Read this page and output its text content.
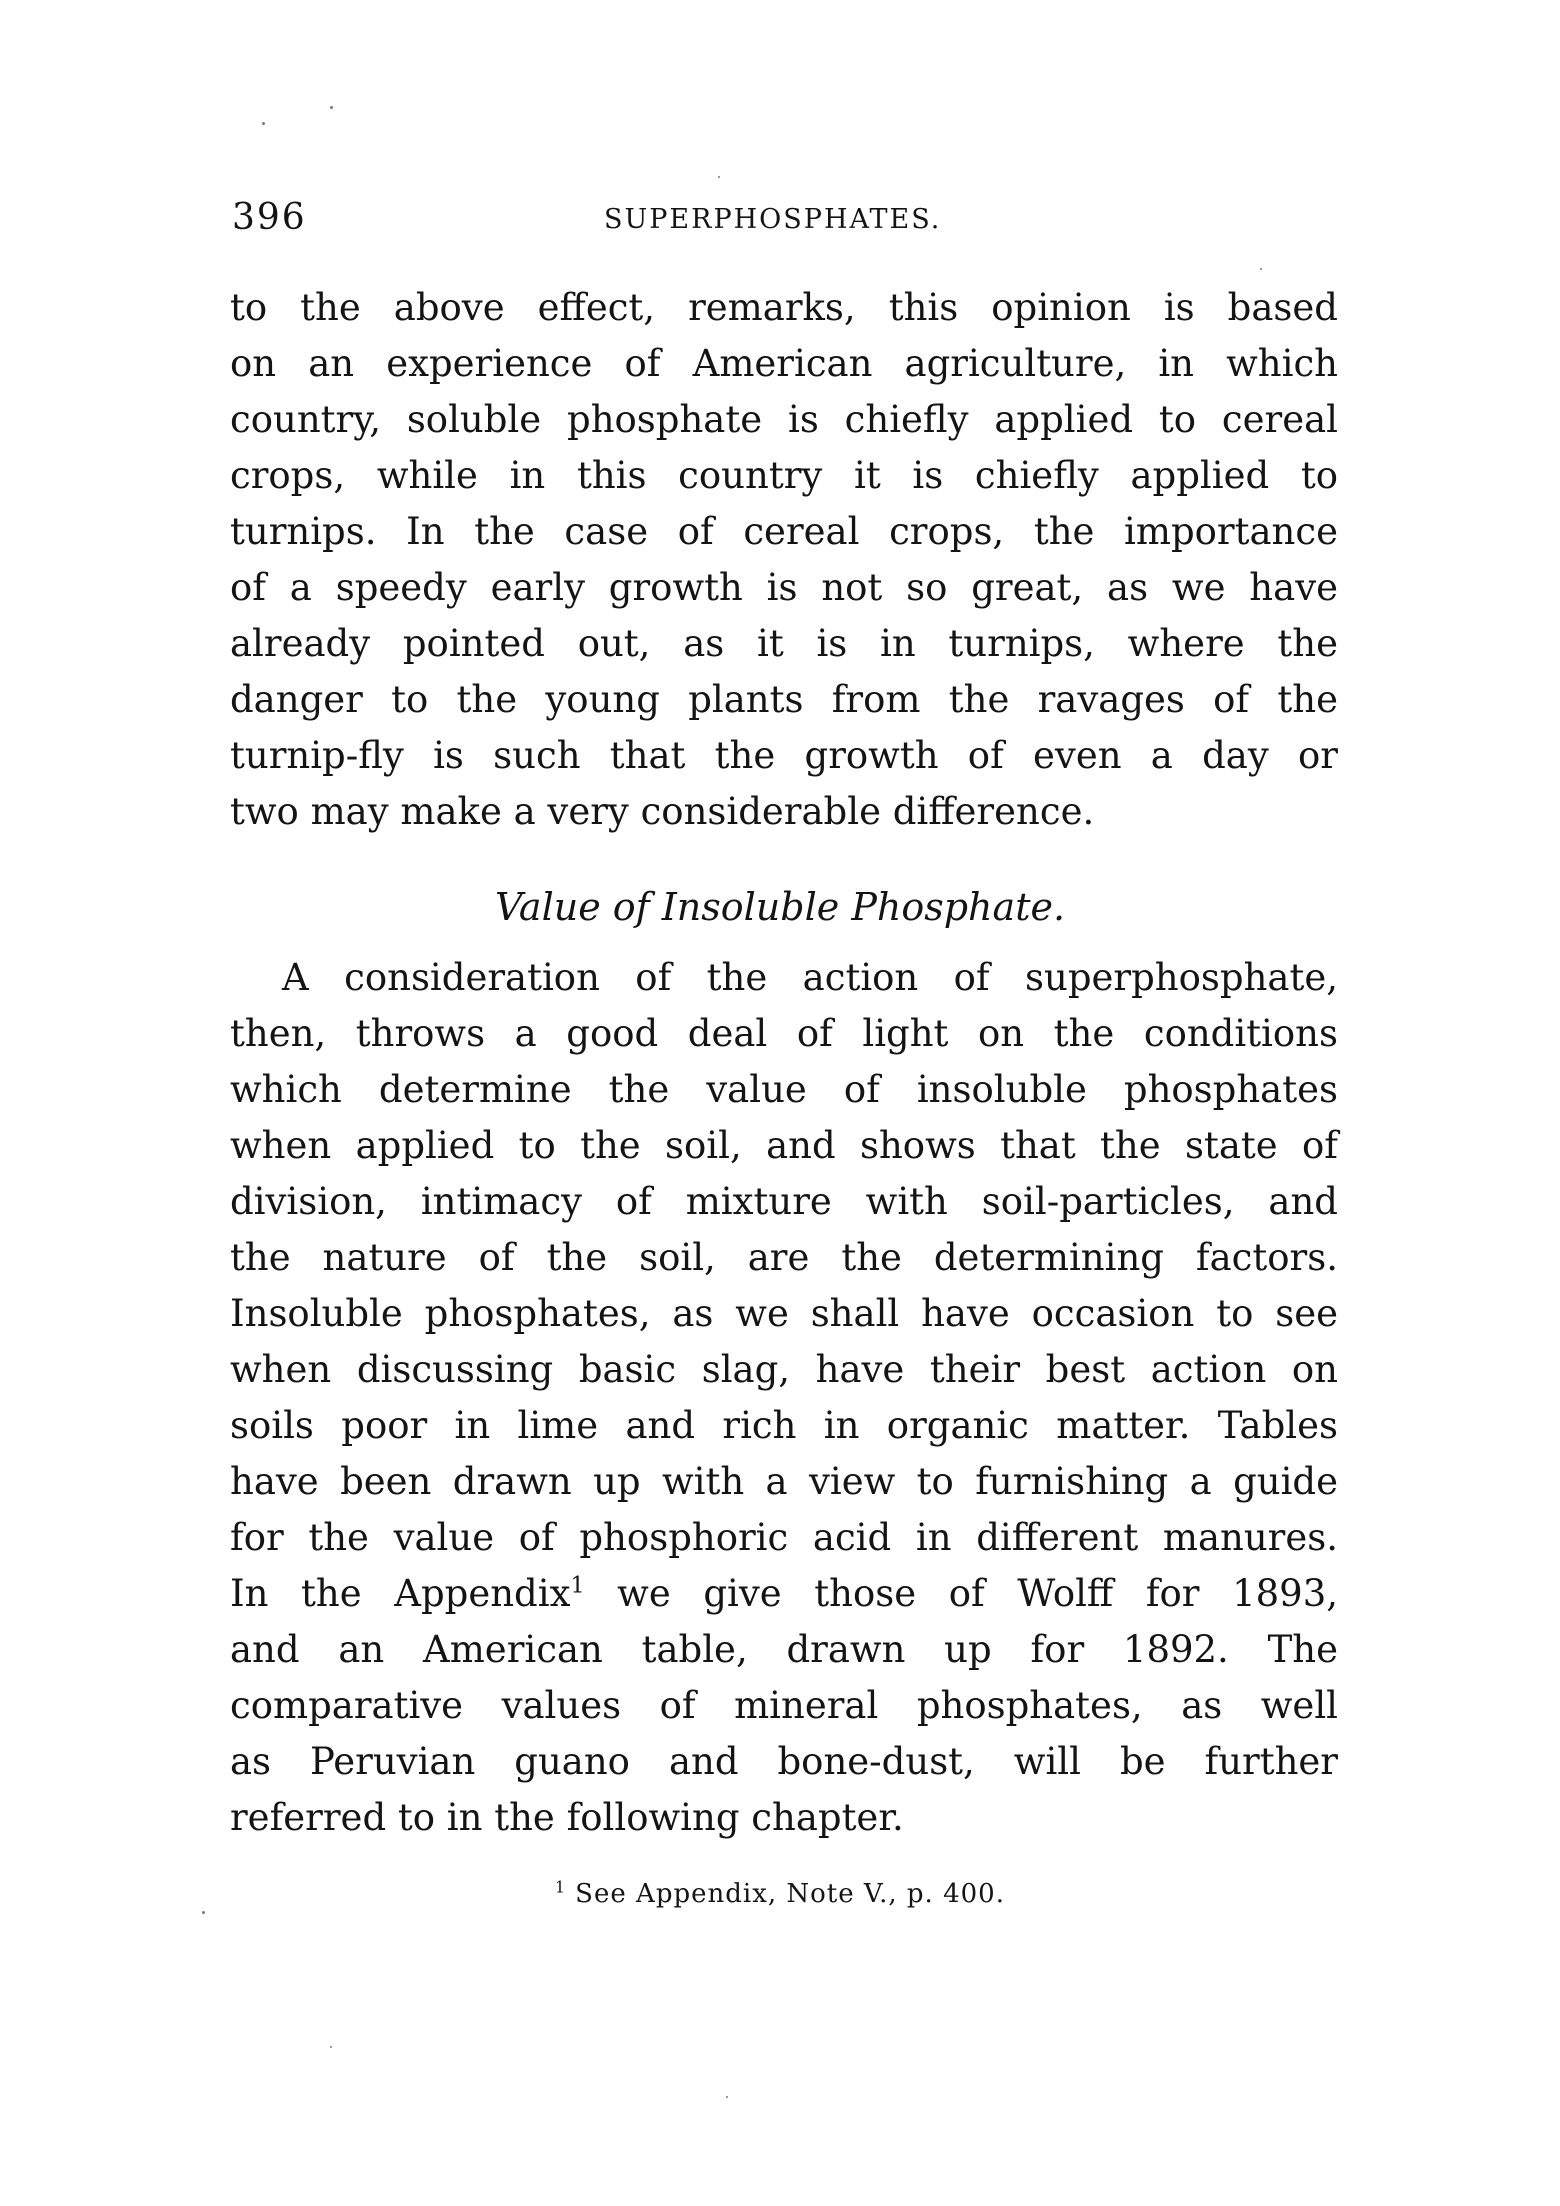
396	SUPERPHOSPHATES.
to the above effect, remarks, this opinion is based
on an experience of American agriculture, in which
country, soluble phosphate is chiefly applied to cereal
crops, while in this country it is chiefly applied to
turnips. In the case of cereal crops, the importance
of a speedy early growth is not so great, as we have
already pointed out, as it is in turnips, where the
danger to the young plants from the ravages of the
turnip-fly is such that the growth of even a day or
two may make a very considerable difference.
Value of Insoluble Phosphate.
A consideration of the action of superphosphate,
then, throws a good deal of light on the conditions
which determine the value of insoluble phosphates
when applied to the soil, and shows that the state of
division, intimacy of mixture with soil-particles, and
the nature of the soil, are the determining factors.
Insoluble phosphates, as we shall have occasion to see
when discussing basic slag, have their best action on
soils poor in lime and rich in organic matter. Tables
have been drawn up with a view to furnishing a guide
for the value of phosphoric acid in different manures.
In the Appendix$^1$ we give those of Wolff for 1893,
and an American table, drawn up for 1892. The
comparative values of mineral phosphates, as well
as Peruvian guano and bone-dust, will be further
referred to in the following chapter.
$^1$ See Appendix, Note V., p. 400.
